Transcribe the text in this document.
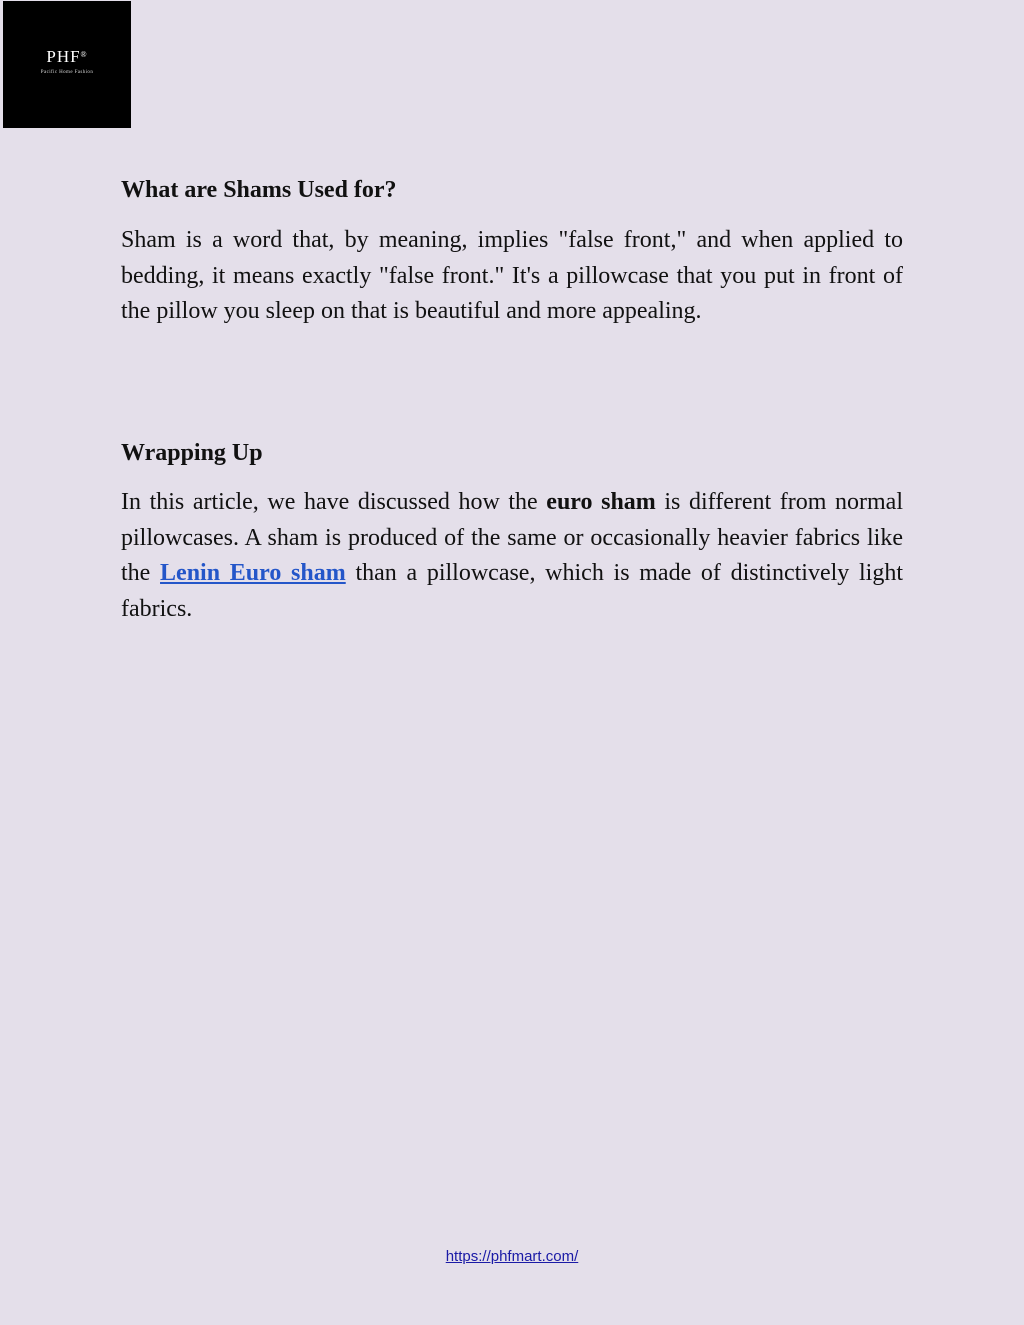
PHF®
Pacific Home Fashion
What are Shams Used for?

Sham is a word that, by meaning, implies "false front," and when applied to bedding, it means exactly "false front." It's a pillowcase that you put in front of the pillow you sleep on that is beautiful and more appealing.

Wrapping Up

In this article, we have discussed how the euro sham is different from normal pillowcases. A sham is produced of the same or occasionally heavier fabrics like the Lenin Euro sham than a pillowcase, which is made of distinctively light fabrics.

https://phfmart.com/
